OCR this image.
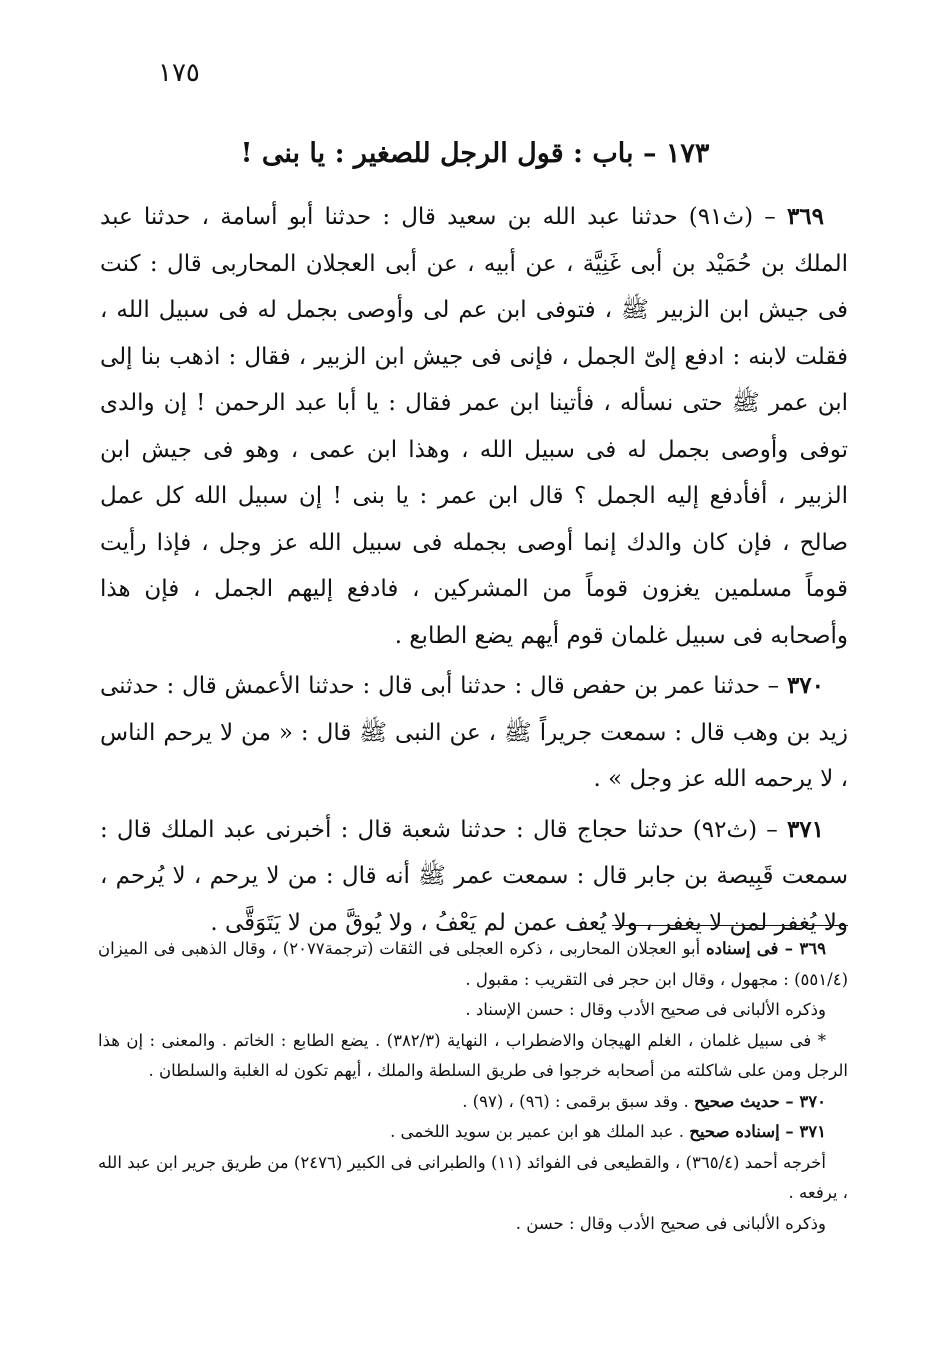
١٧٥
١٧٣ – باب : قول الرجل للصغير : يا بنى !

٣٦٩ – (ث٩١) حدثنا عبد الله بن سعيد قال : حدثنا أبو أسامة ، حدثنا عبد الملك بن حُمَيْد بن أبى غَنِيَّة ، عن أبيه ، عن أبى العجلان المحاربى قال : كنت فى جيش ابن الزبير ﷺ ، فتوفى ابن عم لى وأوصى بجمل له فى سبيل الله ، فقلت لابنه : ادفع إلىّ الجمل ، فإنى فى جيش ابن الزبير ، فقال : اذهب بنا إلى ابن عمر ﷺ حتى نسأله ، فأتينا ابن عمر فقال : يا أبا عبد الرحمن ! إن والدى توفى وأوصى بجمل له فى سبيل الله ، وهذا ابن عمى ، وهو فى جيش ابن الزبير ، أفأدفع إليه الجمل ؟ قال ابن عمر : يا بنى ! إن سبيل الله كل عمل صالح ، فإن كان والدك إنما أوصى بجمله فى سبيل الله عز وجل ، فإذا رأيت قوماً مسلمين يغزون قوماً من المشركين ، فادفع إليهم الجمل ، فإن هذا وأصحابه فى سبيل غلمان قوم أيهم يضع الطابع .

٣٧٠ – حدثنا عمر بن حفص قال : حدثنا أبى قال : حدثنا الأعمش قال : حدثنى زيد بن وهب قال : سمعت جريراً ﷺ ، عن النبى ﷺ قال : « من لا يرحم الناس ، لا يرحمه الله عز وجل » .

٣٧١ – (ث٩٢) حدثنا حجاج قال : حدثنا شعبة قال : أخبرنى عبد الملك قال : سمعت قَبِيصة بن جابر قال : سمعت عمر ﷺ أنه قال : من لا يرحم ، لا يُرحم ، ولا يُغفر لمن لا يغفر ، ولا يُعف عمن لم يَعْفُ ، ولا يُوقَّ من لا يَتَوَقَّى .

٣٦٩ – فى إسناده أبو العجلان المحاربى ، ذكره العجلى فى الثقات (ترجمة٢٠٧٧) ، وقال الذهبى فى الميزان (٥٥١/٤) : مجهول ، وقال ابن حجر فى التقريب : مقبول .

وذكره الألبانى فى صحيح الأدب وقال : حسن الإسناد .

* فى سبيل غلمان ، الغلم الهيجان والاضطراب ، النهاية (٣٨٢/٣) . يضع الطابع : الخاتم . والمعنى : إن هذا الرجل ومن على شاكلته من أصحابه خرجوا فى طريق السلطة والملك ، أيهم تكون له الغلبة والسلطان .

٣٧٠ – حديث صحيح . وقد سبق برقمى : (٩٦) ، (٩٧) .

٣٧١ – إسناده صحيح . عبد الملك هو ابن عمير بن سويد اللخمى .

أخرجه أحمد (٣٦٥/٤) ، والقطيعى فى الفوائد (١١) والطبرانى فى الكبير (٢٤٧٦) من طريق جرير ابن عبد الله ، يرفعه .

وذكره الألبانى فى صحيح الأدب وقال : حسن .
